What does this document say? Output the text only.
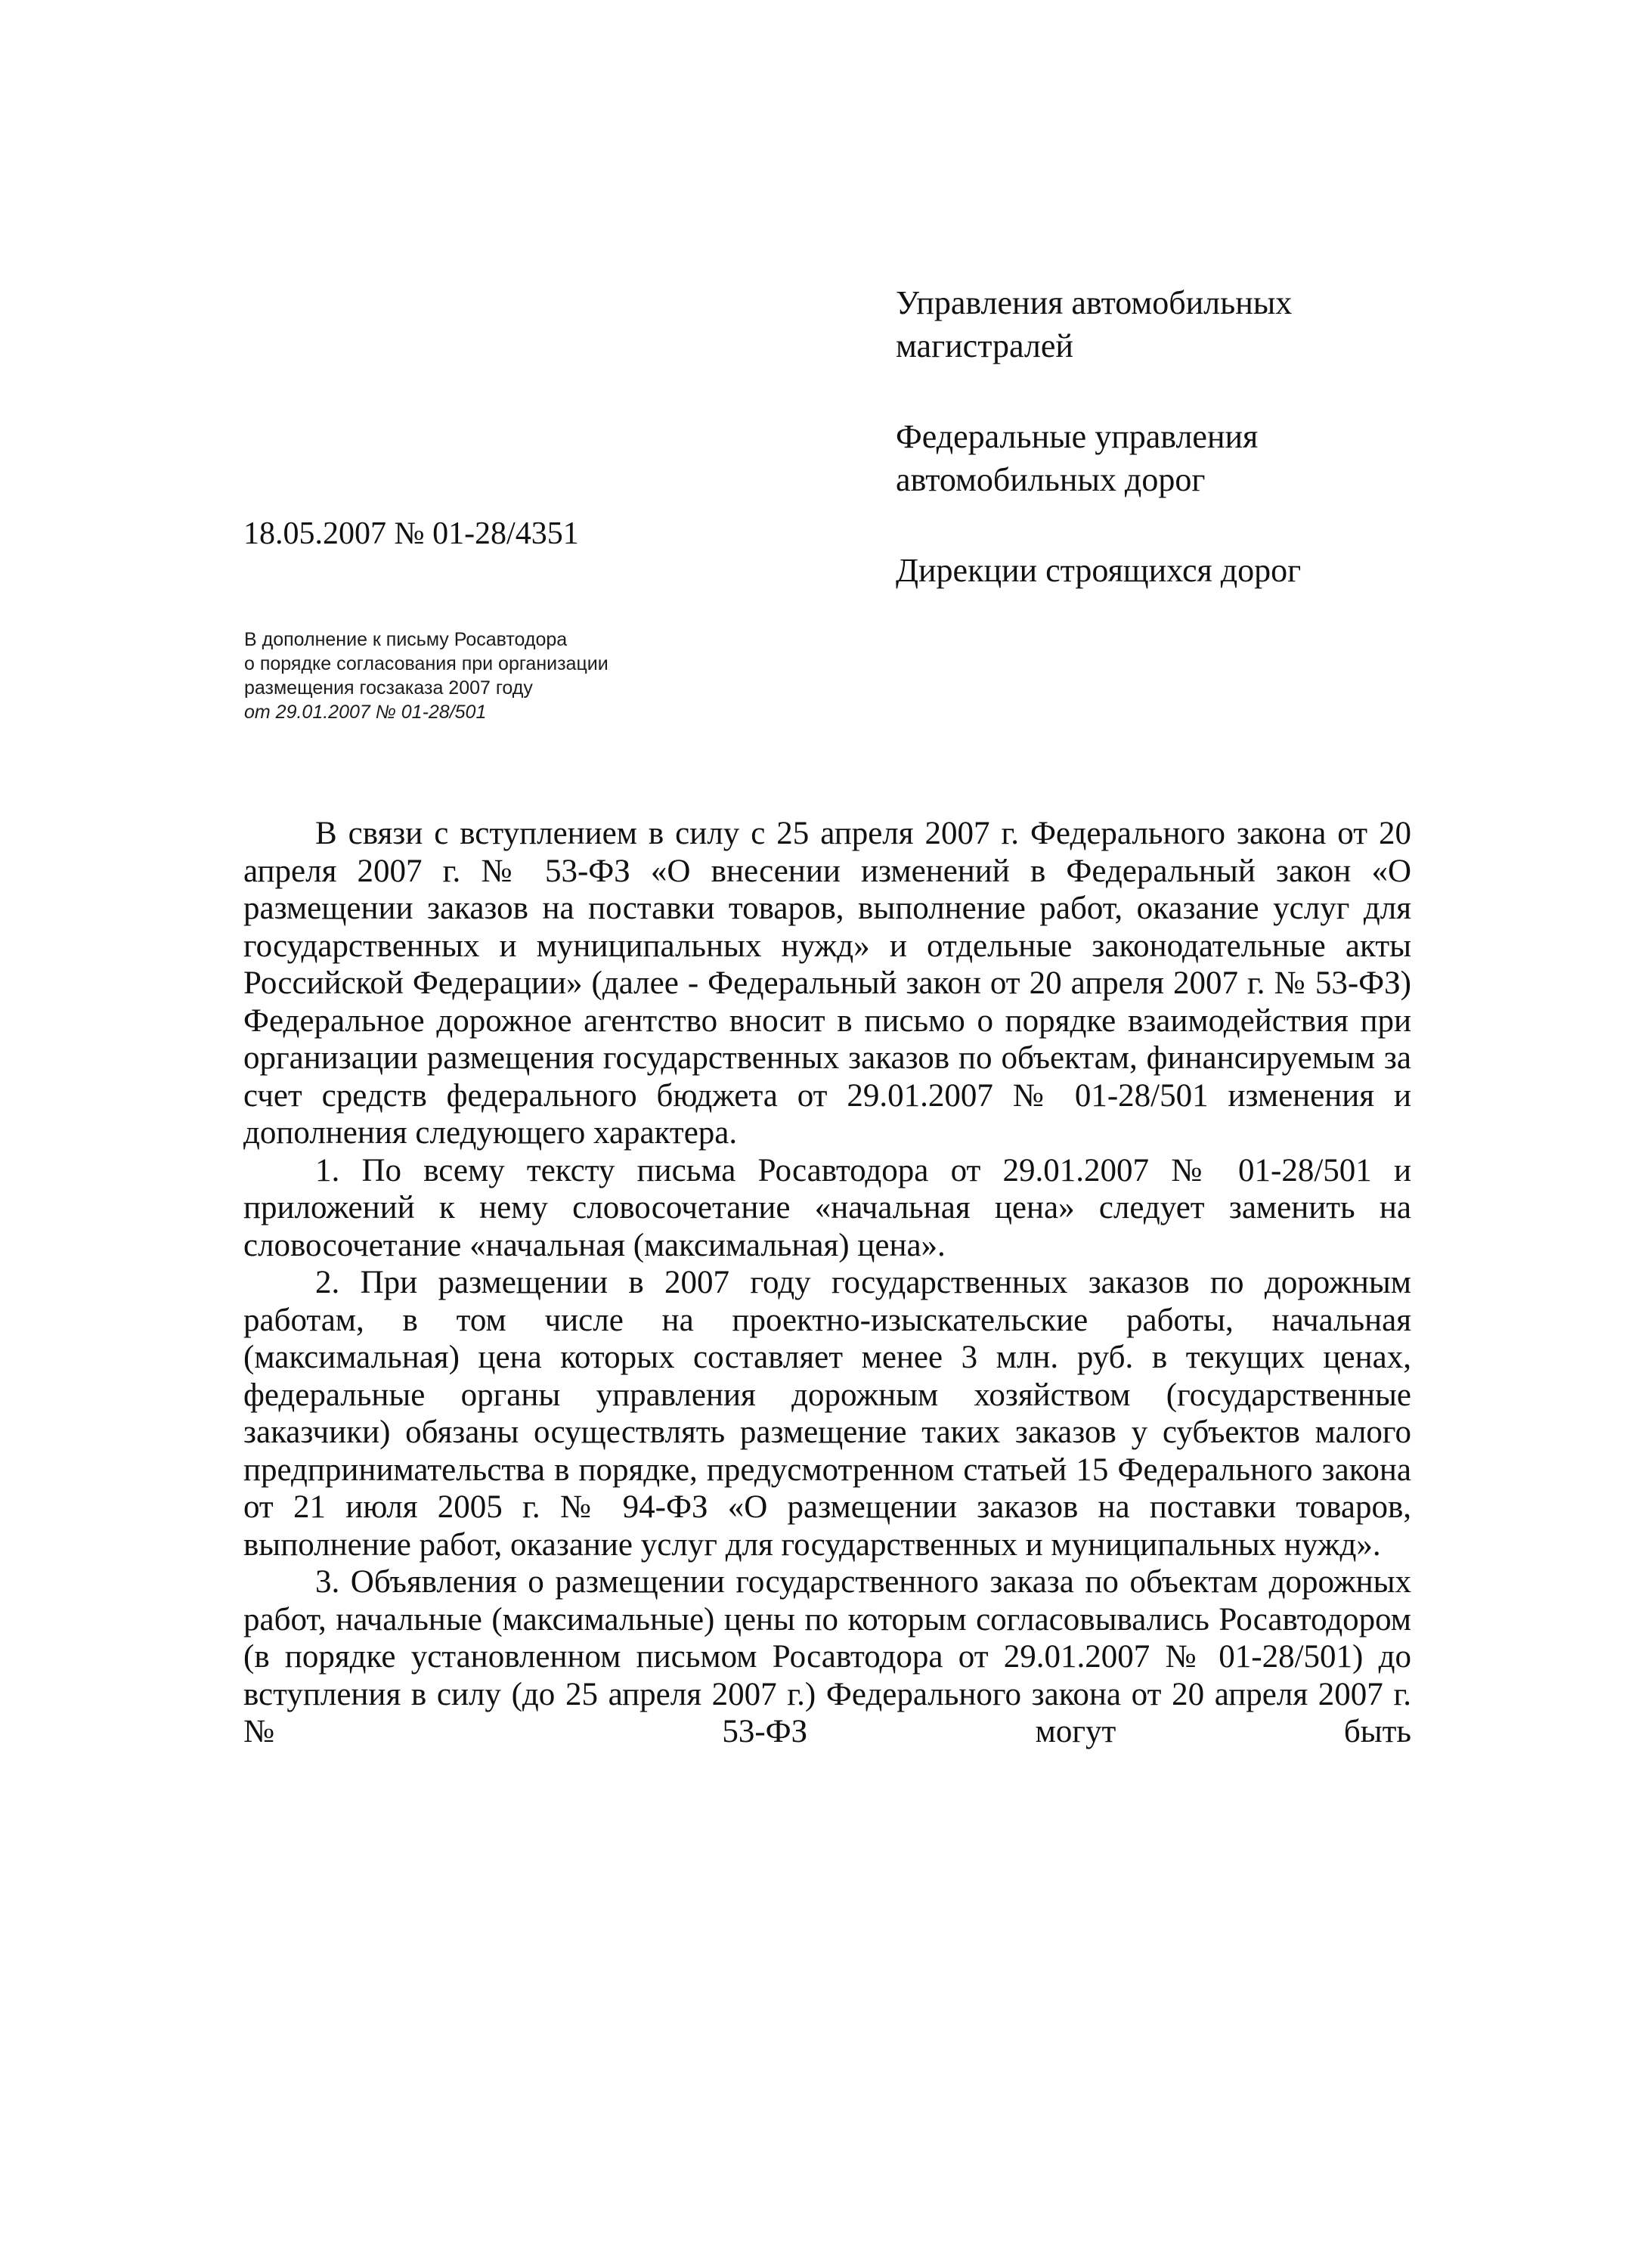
Управления автомобильных
магистралей
Федеральные управления
автомобильных дорог
Дирекции строящихся дорог
18.05.2007 № 01-28/4351
В дополнение к письму Росавтодора
о порядке согласования при организации
размещения госзаказа 2007 году
от 29.01.2007 № 01-28/501

В связи с вступлением в силу с 25 апреля 2007 г. Федерального закона от 20 апреля 2007 г. № 53-ФЗ «О внесении изменений в Федеральный закон «О размещении заказов на поставки товаров, выполнение работ, оказание услуг для государственных и муниципальных нужд» и отдельные законодательные акты Российской Федерации» (далее - Федеральный закон от 20 апреля 2007 г. № 53-ФЗ) Федеральное дорожное агентство вносит в письмо о порядке взаимодействия при организации размещения государственных заказов по объектам, финансируемым за счет средств федерального бюджета от 29.01.2007 № 01-28/501 изменения и дополнения следующего характера.

1. По всему тексту письма Росавтодора от 29.01.2007 № 01-28/501 и приложений к нему словосочетание «начальная цена» следует заменить на словосочетание «начальная (максимальная) цена».

2. При размещении в 2007 году государственных заказов по дорожным работам, в том числе на проектно-изыскательские работы, начальная (максимальная) цена которых составляет менее 3 млн. руб. в текущих ценах, федеральные органы управления дорожным хозяйством (государственные заказчики) обязаны осуществлять размещение таких заказов у субъектов малого предпринимательства в порядке, предусмотренном статьей 15 Федерального закона от 21 июля 2005 г. № 94-ФЗ «О размещении заказов на поставки товаров, выполнение работ, оказание услуг для государственных и муниципальных нужд».

3. Объявления о размещении государственного заказа по объектам дорожных работ, начальные (максимальные) цены по которым согласовывались Росавтодором (в порядке установленном письмом Росавтодора от 29.01.2007 № 01-28/501) до вступления в силу (до 25 апреля 2007 г.) Федерального закона от 20 апреля 2007 г. № 53-ФЗ могут быть
